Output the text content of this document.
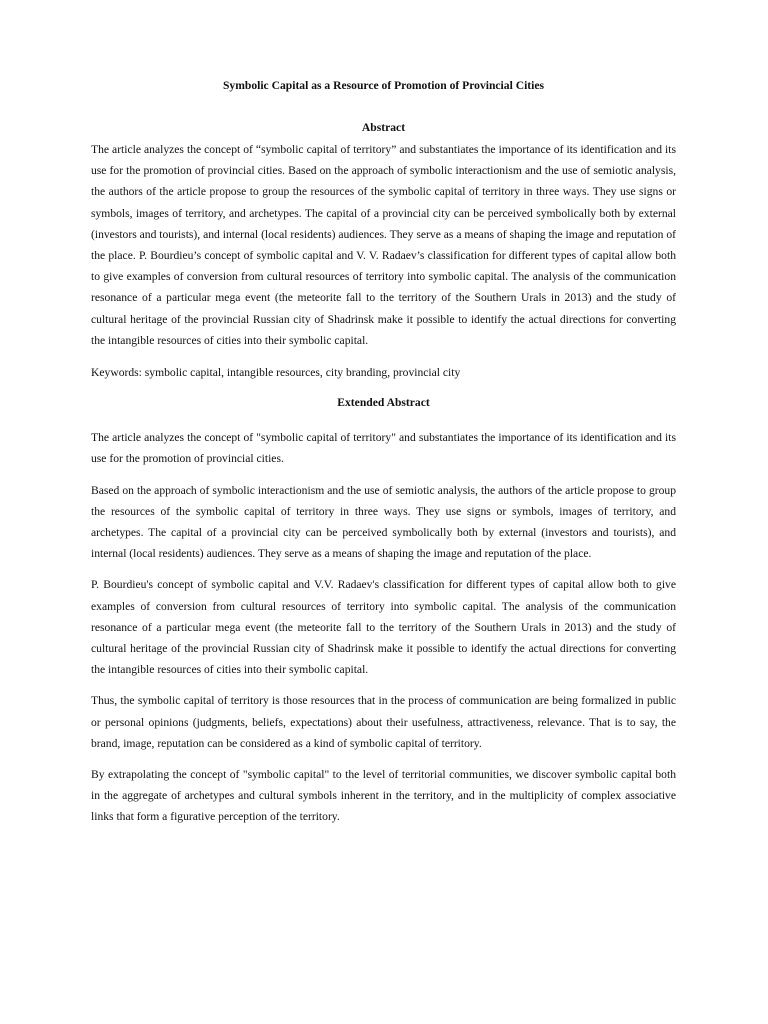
Symbolic Capital as a Resource of Promotion of Provincial Cities
Abstract

The article analyzes the concept of “symbolic capital of territory” and substantiates the importance of its identification and its use for the promotion of provincial cities. Based on the approach of symbolic interactionism and the use of semiotic analysis, the authors of the article propose to group the resources of the symbolic capital of territory in three ways. They use signs or symbols, images of territory, and archetypes. The capital of a provincial city can be perceived symbolically both by external (investors and tourists), and internal (local residents) audiences. They serve as a means of shaping the image and reputation of the place. P. Bourdieu’s concept of symbolic capital and V. V. Radaev’s classification for different types of capital allow both to give examples of conversion from cultural resources of territory into symbolic capital. The analysis of the communication resonance of a particular mega event (the meteorite fall to the territory of the Southern Urals in 2013) and the study of cultural heritage of the provincial Russian city of Shadrinsk make it possible to identify the actual directions for converting the intangible resources of cities into their symbolic capital.

Keywords: symbolic capital, intangible resources, city branding, provincial city

Extended Abstract

The article analyzes the concept of "symbolic capital of territory" and substantiates the importance of its identification and its use for the promotion of provincial cities.

Based on the approach of symbolic interactionism and the use of semiotic analysis, the authors of the article propose to group the resources of the symbolic capital of territory in three ways. They use signs or symbols, images of territory, and archetypes. The capital of a provincial city can be perceived symbolically both by external (investors and tourists), and internal (local residents) audiences. They serve as a means of shaping the image and reputation of the place.

P. Bourdieu's concept of symbolic capital and V.V. Radaev's classification for different types of capital allow both to give examples of conversion from cultural resources of territory into symbolic capital. The analysis of the communication resonance of a particular mega event (the meteorite fall to the territory of the Southern Urals in 2013) and the study of cultural heritage of the provincial Russian city of Shadrinsk make it possible to identify the actual directions for converting the intangible resources of cities into their symbolic capital.

Thus, the symbolic capital of territory is those resources that in the process of communication are being formalized in public or personal opinions (judgments, beliefs, expectations) about their usefulness, attractiveness, relevance. That is to say, the brand, image, reputation can be considered as a kind of symbolic capital of territory.

By extrapolating the concept of "symbolic capital" to the level of territorial communities, we discover symbolic capital both in the aggregate of archetypes and cultural symbols inherent in the territory, and in the multiplicity of complex associative links that form a figurative perception of the territory.
